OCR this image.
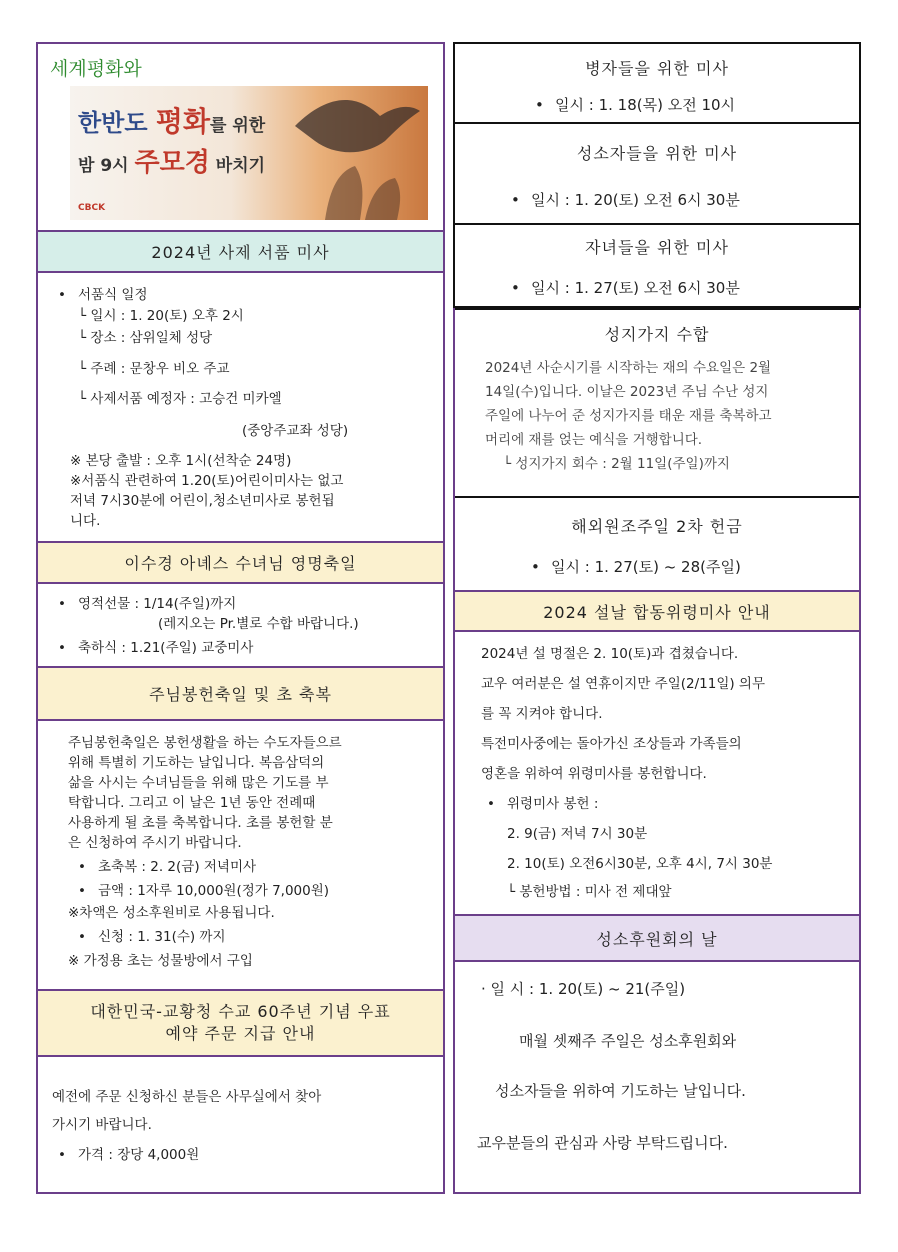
세계평화와
한반도 평화를 위한
밤 9시 주모경 바치기
CBCK
2024년 사제 서품 미사
• 서품식 일정
└ 일시 : 1. 20(토) 오후 2시
└ 장소 : 삼위일체 성당
└ 주례 : 문창우 비오 주교
└ 사제서품 예정자 : 고승건 미카엘
(중앙주교좌 성당)
※ 본당 출발 : 오후 1시(선착순 24명)
※서품식 관련하여 1.20(토)어린이미사는 없고
저녁 7시30분에 어린이,청소년미사로 봉헌됩
니다.
이수경 아녜스 수녀님 영명축일
• 영적선물 : 1/14(주일)까지
(레지오는 Pr.별로 수합 바랍니다.)
• 축하식 : 1.21(주일) 교중미사
주님봉헌축일 및 초 축복
주님봉헌축일은 봉헌생활을 하는 수도자들으르
위해 특별히 기도하는 날입니다. 복음삼덕의
삶을 사시는 수녀님들을 위해 많은 기도를 부
탁합니다. 그리고 이 날은 1년 동안 전례때
사용하게 될 초를 축복합니다. 초를 봉헌할 분
은 신청하여 주시기 바랍니다.
• 초축복 : 2. 2(금) 저녁미사
• 금액 : 1자루 10,000원(정가 7,000원)
※차액은 성소후원비로 사용됩니다.
• 신청 : 1. 31(수) 까지
※ 가정용 초는 성물방에서 구입
대한민국-교황청 수교 60주년 기념 우표
예약 주문 지급 안내
예전에 주문 신청하신 분들은 사무실에서 찾아
가시기 바랍니다.
• 가격 : 장당 4,000원
병자들을 위한 미사
• 일시 : 1. 18(목) 오전 10시
성소자들을 위한 미사
• 일시 : 1. 20(토) 오전 6시 30분
자녀들을 위한 미사
• 일시 : 1. 27(토) 오전 6시 30분
성지가지 수합
2024년 사순시기를 시작하는 재의 수요일은 2월
14일(수)입니다. 이날은 2023년 주님 수난 성지
주일에 나누어 준 성지가지를 태운 재를 축복하고
머리에 재를 얹는 예식을 거행합니다.
└ 성지가지 회수 : 2월 11일(주일)까지
해외원조주일 2차 헌금
• 일시 : 1. 27(토) ~ 28(주일)
2024 설날 합동위령미사 안내
2024년 설 명절은 2. 10(토)과 겹쳤습니다.
교우 여러분은 설 연휴이지만 주일(2/11일) 의무
를 꼭 지켜야 합니다.
특전미사중에는 돌아가신 조상들과 가족들의
영혼을 위하여 위령미사를 봉헌합니다.
• 위령미사 봉헌 :
2. 9(금) 저녁 7시 30분
2. 10(토) 오전6시30분, 오후 4시, 7시 30분
└ 봉헌방법 : 미사 전 제대앞
성소후원회의 날
· 일 시 : 1. 20(토) ~ 21(주일)
매월 셋째주 주일은 성소후원회와
성소자들을 위하여 기도하는 날입니다.
교우분들의 관심과 사랑 부탁드립니다.
